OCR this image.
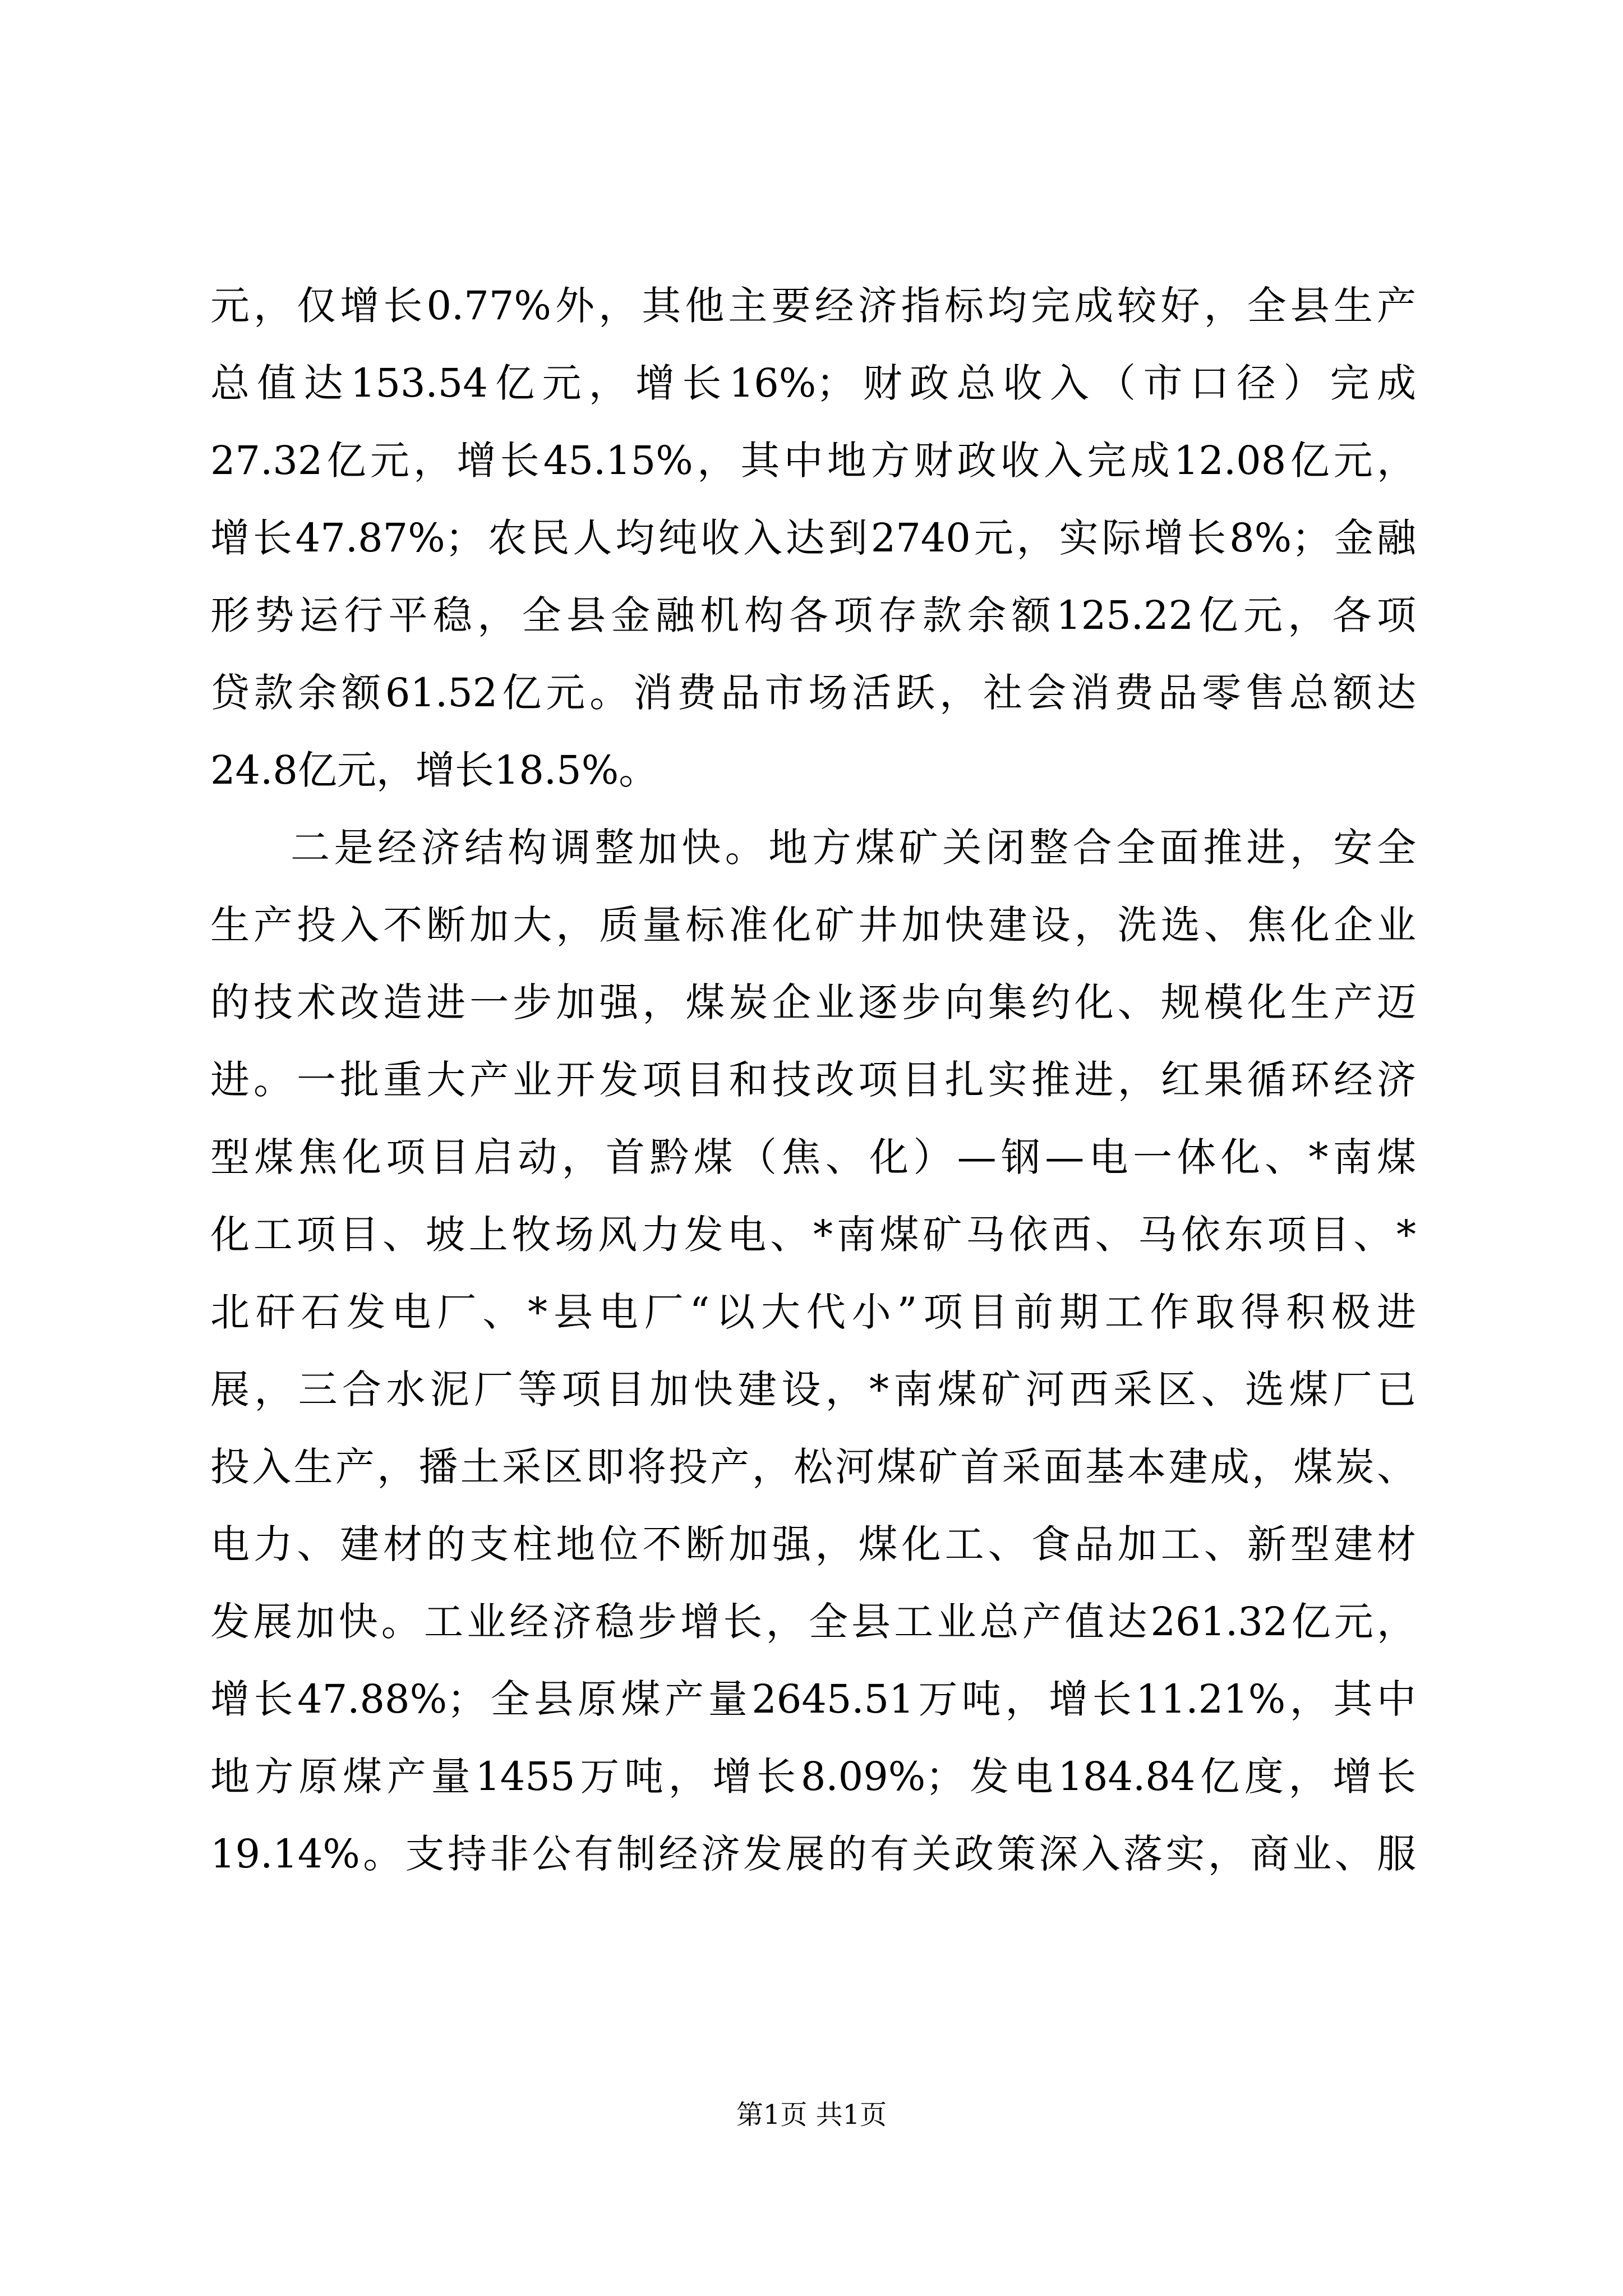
元，仅增长0.77%外，其他主要经济指标均完成较好，全县生产
总值达153.54亿元，增长16%；财政总收入（市口径）完成
27.32亿元，增长45.15%，其中地方财政收入完成12.08亿元，
增长47.87%；农民人均纯收入达到2740元，实际增长8%；金融
形势运行平稳，全县金融机构各项存款余额125.22亿元，各项
贷款余额61.52亿元。消费品市场活跃，社会消费品零售总额达
24.8亿元，增长18.5%。
二是经济结构调整加快。地方煤矿关闭整合全面推进，安全
生产投入不断加大，质量标准化矿井加快建设，洗选、焦化企业
的技术改造进一步加强，煤炭企业逐步向集约化、规模化生产迈
进。一批重大产业开发项目和技改项目扎实推进，红果循环经济
型煤焦化项目启动，首黔煤（焦、化）—钢—电一体化、*南煤
化工项目、坡上牧场风力发电、*南煤矿马依西、马依东项目、*
北矸石发电厂、*县电厂“以大代小”项目前期工作取得积极进
展，三合水泥厂等项目加快建设，*南煤矿河西采区、选煤厂已
投入生产，播土采区即将投产，松河煤矿首采面基本建成，煤炭、
电力、建材的支柱地位不断加强，煤化工、食品加工、新型建材
发展加快。工业经济稳步增长，全县工业总产值达261.32亿元，
增长47.88%；全县原煤产量2645.51万吨，增长11.21%，其中
地方原煤产量1455万吨，增长8.09%；发电184.84亿度，增长
19.14%。支持非公有制经济发展的有关政策深入落实，商业、服
第1页 共1页
